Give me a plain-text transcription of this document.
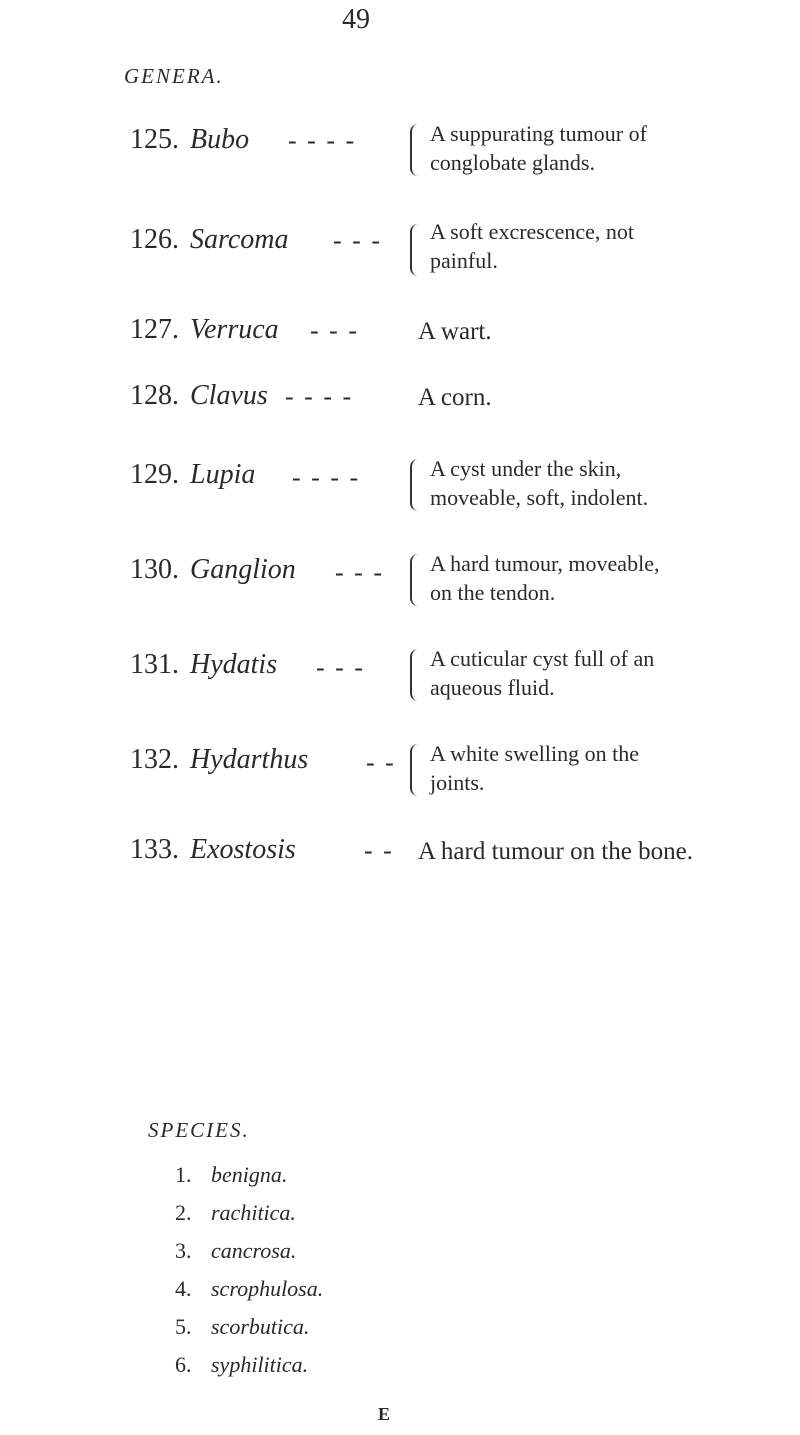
49
GENERA.
125. Bubo - - - -	A suppurating tumour of
conglobate glands.
126. Sarcoma - - - A soft excrescence, not
painful.
127. Verruca - - - A wart.
128. Clavus - - - -	A corn.
129. Lupia - - - -	A cyst under the skin,
moveable, soft, indolent.
130. Ganglion - - - A hard tumour, moveable,
on the tendon.
131. Hydatis - - -	A cuticular cyst full of an
aqueous fluid.
132. Hydarthus - - A white swelling on the
joints.
133. Exostosis	- - A hard tumour on the bone.
SPECIES.
1. benigna.
2. rachitica.
3. cancrosa.
4. scrophulosa.
5. scorbutica.
6. syphilitica.
E
